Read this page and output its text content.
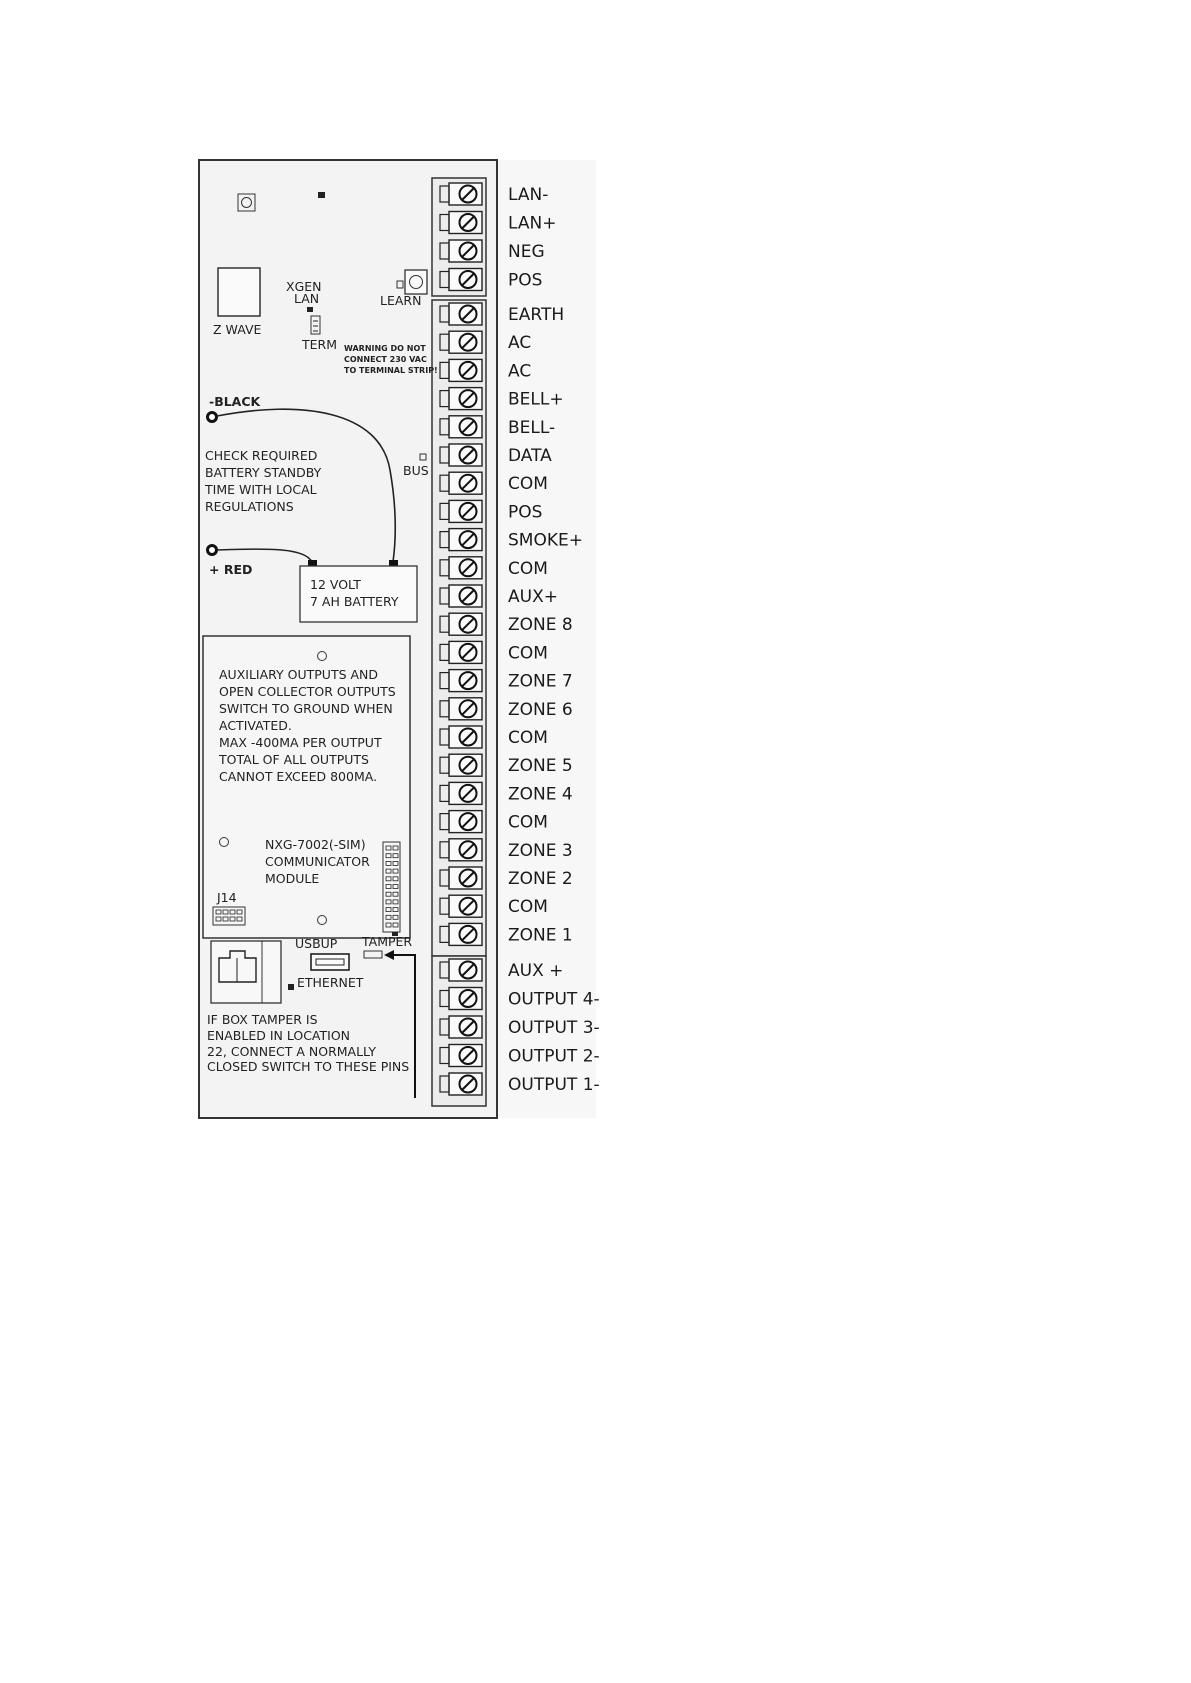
LAN-
LAN+
NEG
POS
EARTH
AC
AC
BELL+
BELL-
DATA
COM
POS
SMOKE+
COM
AUX+
ZONE 8
COM
ZONE 7
ZONE 6
COM
ZONE 5
ZONE 4
COM
ZONE 3
ZONE 2
COM
ZONE 1
AUX +
OUTPUT 4-
OUTPUT 3-
OUTPUT 2-
OUTPUT 1-
Z WAVE
XGEN
LAN
TERM
LEARN
WARNING DO NOT
CONNECT 230 VAC
TO TERMINAL STRIP!
-BLACK
+ RED
BUS
CHECK REQUIRED
BATTERY STANDBY
TIME WITH LOCAL
REGULATIONS
12 VOLT
7 AH BATTERY
AUXILIARY OUTPUTS AND
OPEN COLLECTOR OUTPUTS
SWITCH TO GROUND WHEN
ACTIVATED.
MAX -400MA PER OUTPUT
TOTAL OF ALL OUTPUTS
CANNOT EXCEED 800MA.
NXG-7002(-SIM)
COMMUNICATOR
MODULE
J14
USBUP TAMPER
ETHERNET
IF BOX TAMPER IS
ENABLED IN LOCATION
22, CONNECT A NORMALLY
CLOSED SWITCH TO THESE PINS
